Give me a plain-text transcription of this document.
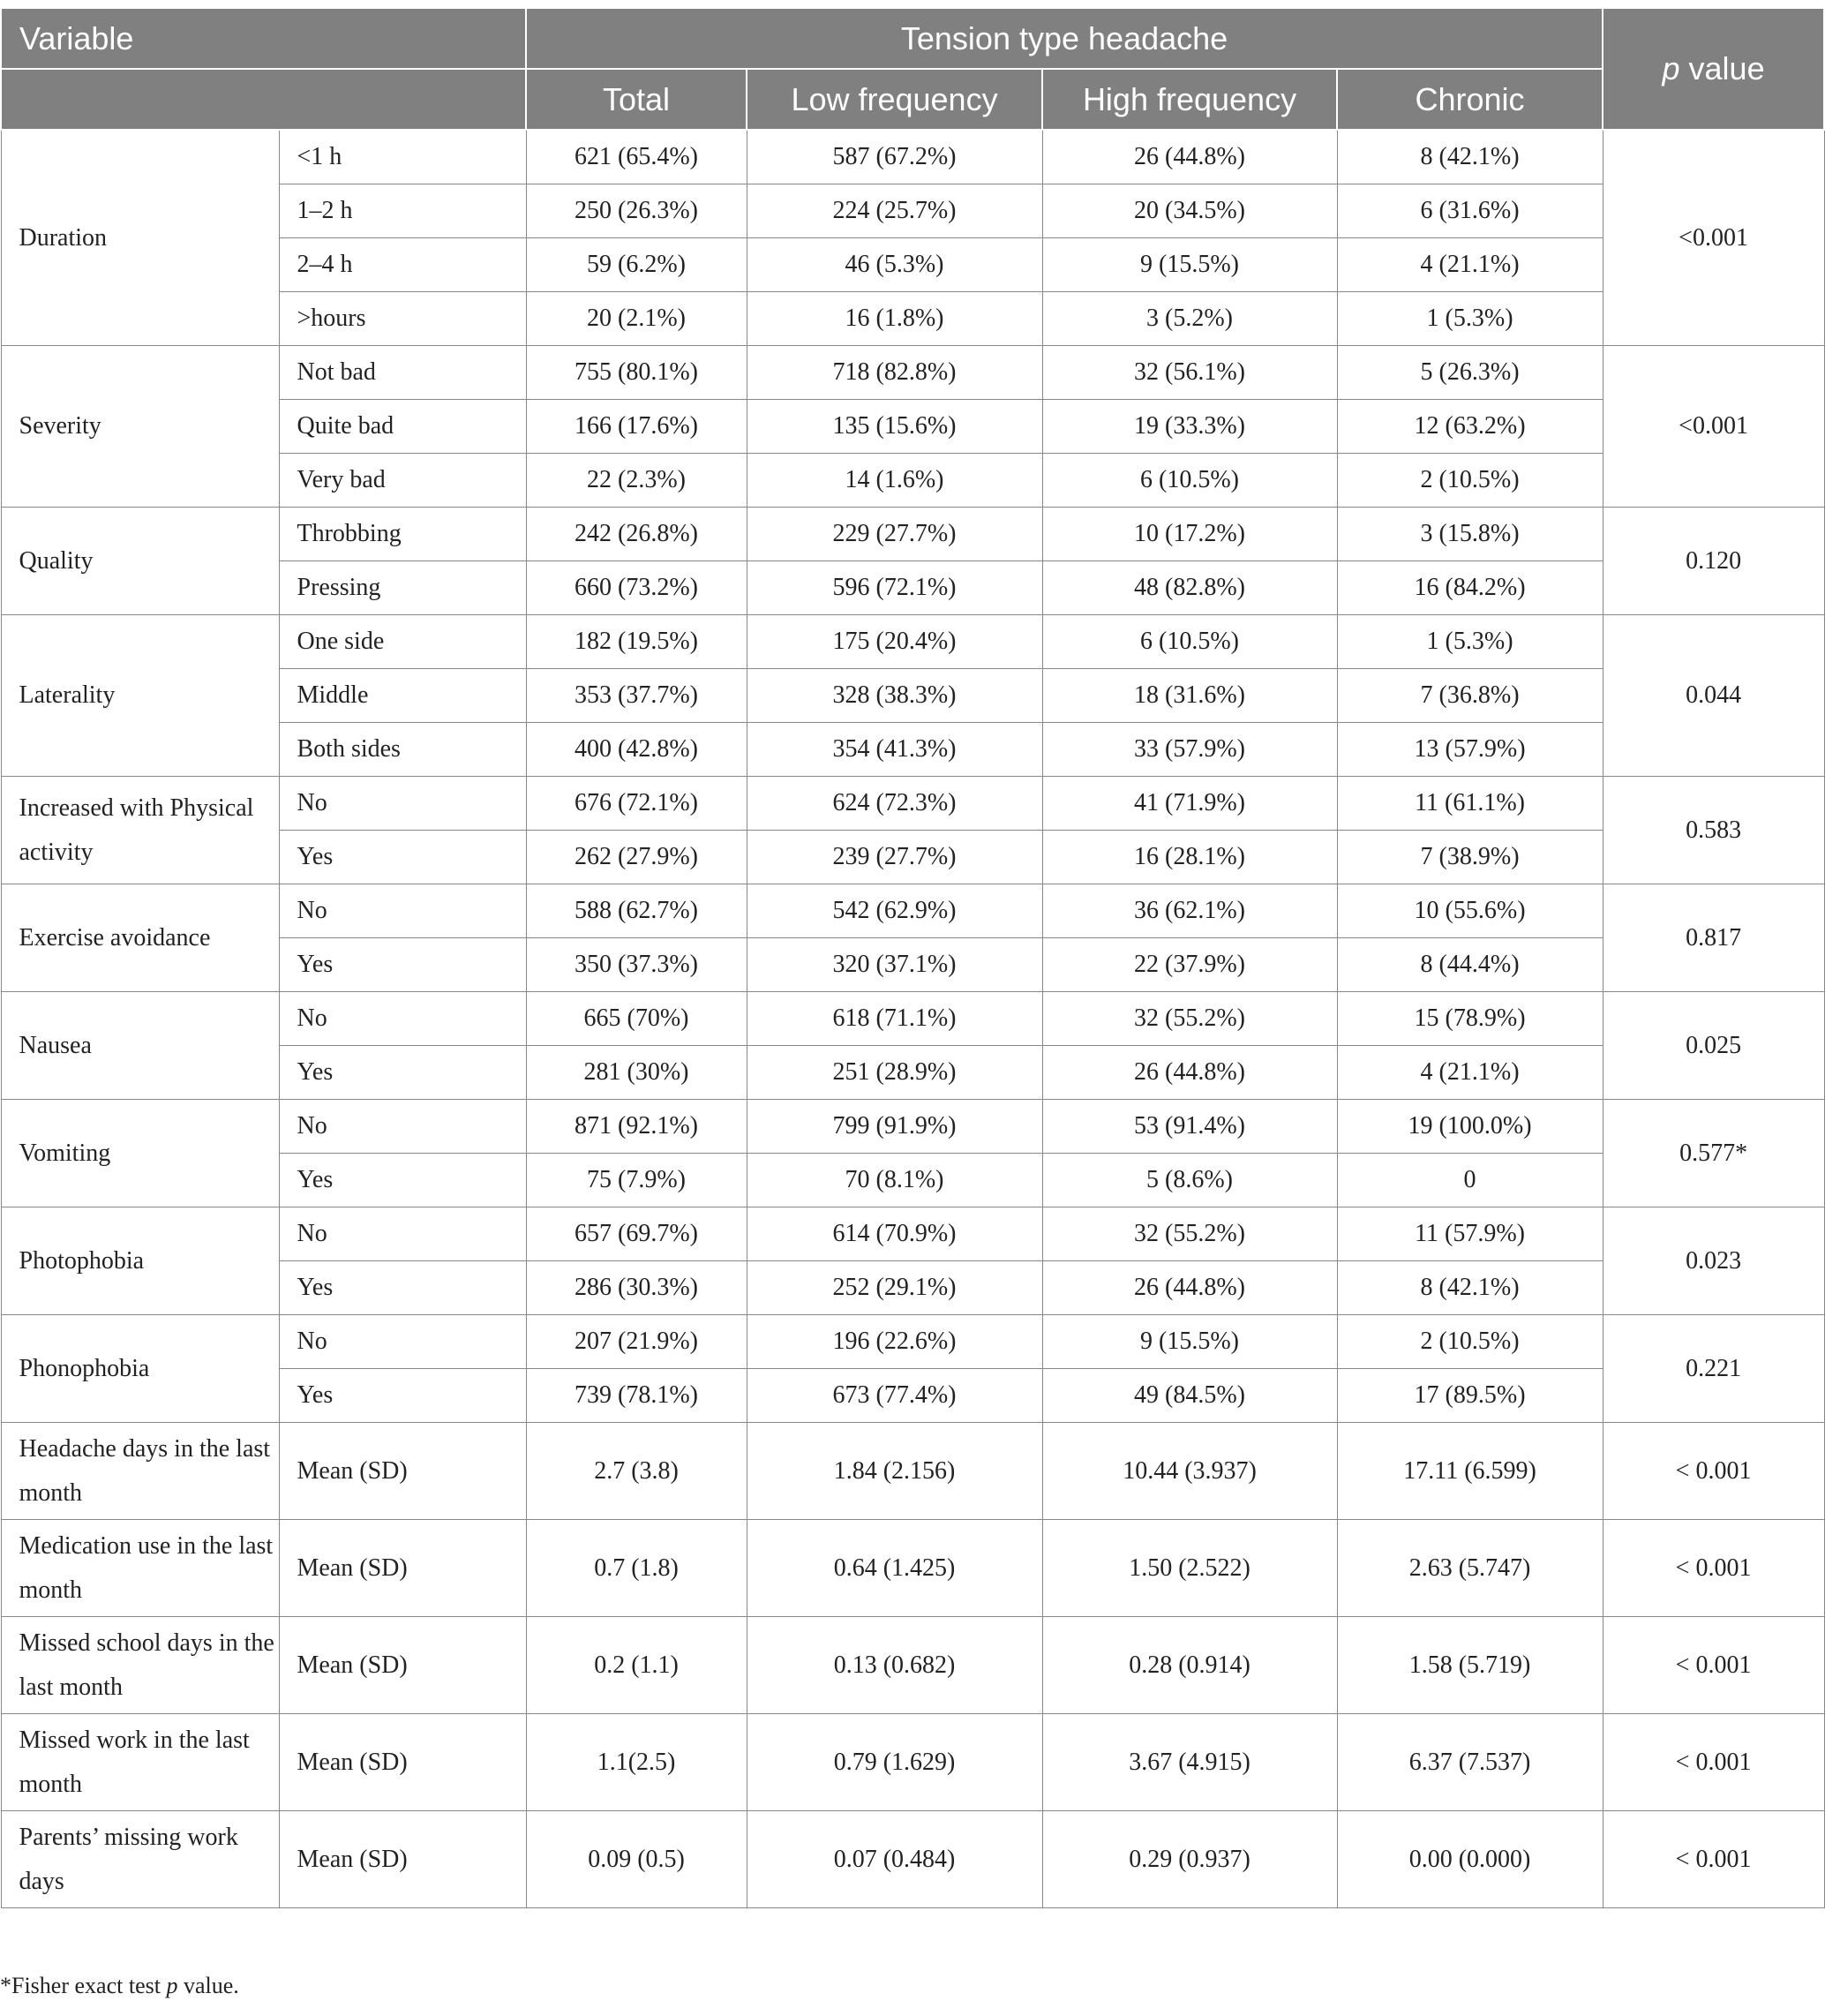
Variable		Tension type headache				p value
		Total	Low frequency	High frequency	Chronic	
Duration	<1 h	621 (65.4%)	587 (67.2%)	26 (44.8%)	8 (42.1%)	<0.001
	1–2 h	250 (26.3%)	224 (25.7%)	20 (34.5%)	6 (31.6%)	
	2–4 h	59 (6.2%)	46 (5.3%)	9 (15.5%)	4 (21.1%)	
	>hours	20 (2.1%)	16 (1.8%)	3 (5.2%)	1 (5.3%)	
Severity	Not bad	755 (80.1%)	718 (82.8%)	32 (56.1%)	5 (26.3%)	<0.001
	Quite bad	166 (17.6%)	135 (15.6%)	19 (33.3%)	12 (63.2%)	
	Very bad	22 (2.3%)	14 (1.6%)	6 (10.5%)	2 (10.5%)	
Quality	Throbbing	242 (26.8%)	229 (27.7%)	10 (17.2%)	3 (15.8%)	0.120
	Pressing	660 (73.2%)	596 (72.1%)	48 (82.8%)	16 (84.2%)	
Laterality	One side	182 (19.5%)	175 (20.4%)	6 (10.5%)	1 (5.3%)	0.044
	Middle	353 (37.7%)	328 (38.3%)	18 (31.6%)	7 (36.8%)	
	Both sides	400 (42.8%)	354 (41.3%)	33 (57.9%)	13 (57.9%)	
Increased with Physical activity	No	676 (72.1%)	624 (72.3%)	41 (71.9%)	11 (61.1%)	0.583
	Yes	262 (27.9%)	239 (27.7%)	16 (28.1%)	7 (38.9%)	
Exercise avoidance	No	588 (62.7%)	542 (62.9%)	36 (62.1%)	10 (55.6%)	0.817
	Yes	350 (37.3%)	320 (37.1%)	22 (37.9%)	8 (44.4%)	
Nausea	No	665 (70%)	618 (71.1%)	32 (55.2%)	15 (78.9%)	0.025
	Yes	281 (30%)	251 (28.9%)	26 (44.8%)	4 (21.1%)	
Vomiting	No	871 (92.1%)	799 (91.9%)	53 (91.4%)	19 (100.0%)	0.577*
	Yes	75 (7.9%)	70 (8.1%)	5 (8.6%)	0	
Photophobia	No	657 (69.7%)	614 (70.9%)	32 (55.2%)	11 (57.9%)	0.023
	Yes	286 (30.3%)	252 (29.1%)	26 (44.8%)	8 (42.1%)	
Phonophobia	No	207 (21.9%)	196 (22.6%)	9 (15.5%)	2 (10.5%)	0.221
	Yes	739 (78.1%)	673 (77.4%)	49 (84.5%)	17 (89.5%)	
Headache days in the last month	Mean (SD)	2.7 (3.8)	1.84 (2.156)	10.44 (3.937)	17.11 (6.599)	< 0.001
Medication use in the last month	Mean (SD)	0.7 (1.8)	0.64 (1.425)	1.50 (2.522)	2.63 (5.747)	< 0.001
Missed school days in the last month	Mean (SD)	0.2 (1.1)	0.13 (0.682)	0.28 (0.914)	1.58 (5.719)	< 0.001
Missed work in the last month	Mean (SD)	1.1(2.5)	0.79 (1.629)	3.67 (4.915)	6.37 (7.537)	< 0.001
Parents’ missing work days	Mean (SD)	0.09 (0.5)	0.07 (0.484)	0.29 (0.937)	0.00 (0.000)	< 0.001
*Fisher exact test p value.
